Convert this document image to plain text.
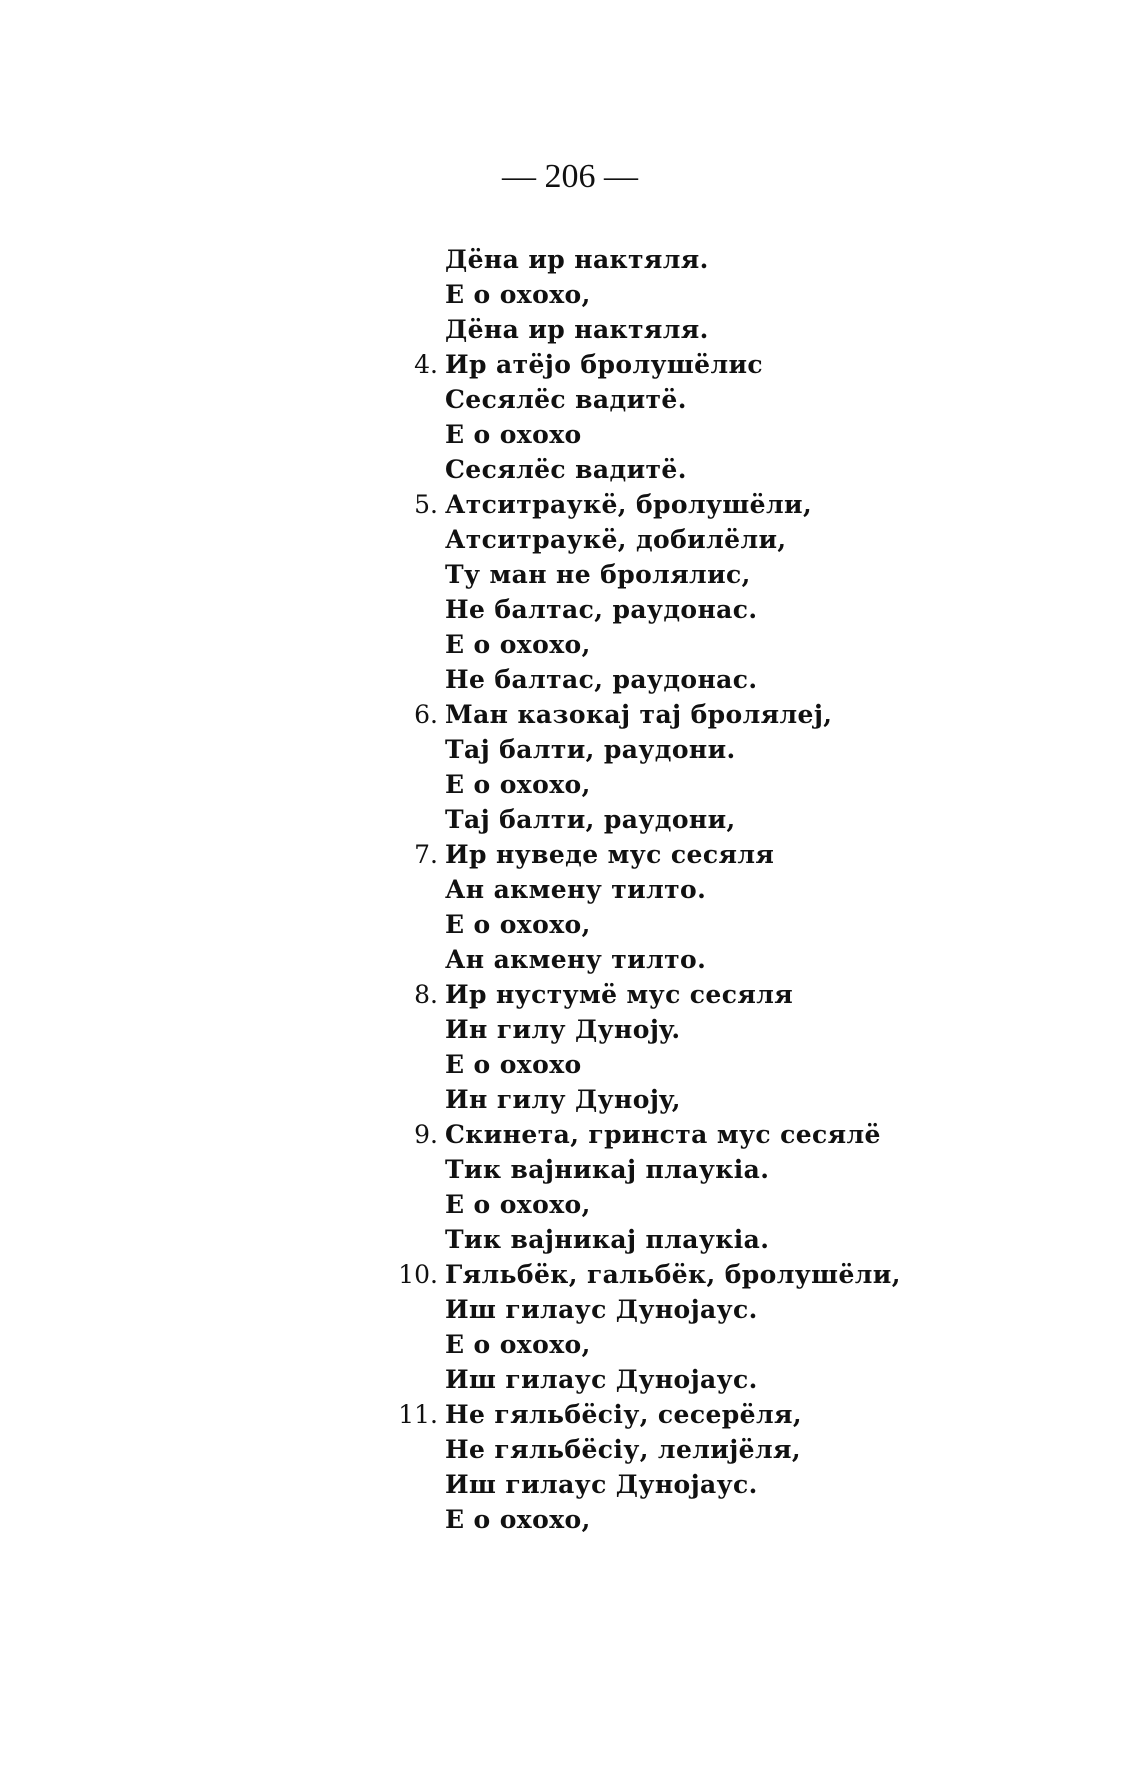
— 206 —
Дёна ир нактяля.
Е о охохо,
Дёна ир нактяля.
4. Ир атёјо бролушёлис
Сесялёс вадитё.
Е о охохо
Сесялёс вадитё.
5. Атситраукё, бролушёли,
Атситраукё, добилёли,
Ту ман не бролялис,
Не балтас, раудонас.
Е о охохо,
Не балтас, раудонас.
6. Ман казокај тај бролялеј,
Тај балти, раудони.
Е о охохо,
Тај балти, раудони,
7. Ир нуведе мус сесяля
Ан акмену тилто.
Е о охохо,
Ан акмену тилто.
8. Ир нустумё мус сесяля
Ин гилу Дунојy.
Е о охохо
Ин гилу Дунојy,
9. Скинета, гринста мус сесялё
Тик вајникај плаукіа.
Е о охохо,
Тик вајникај плаукіа.
10. Гяльбёк, гальбёк, бролушёли,
Иш гилаус Дунојаус.
Е о охохо,
Иш гилаус Дунојаус.
11. Не гяльбёсіу, сесерёля,
Не гяльбёсіу, лелијёля,
Иш гилаус Дунојаус.
Е о охохо,
